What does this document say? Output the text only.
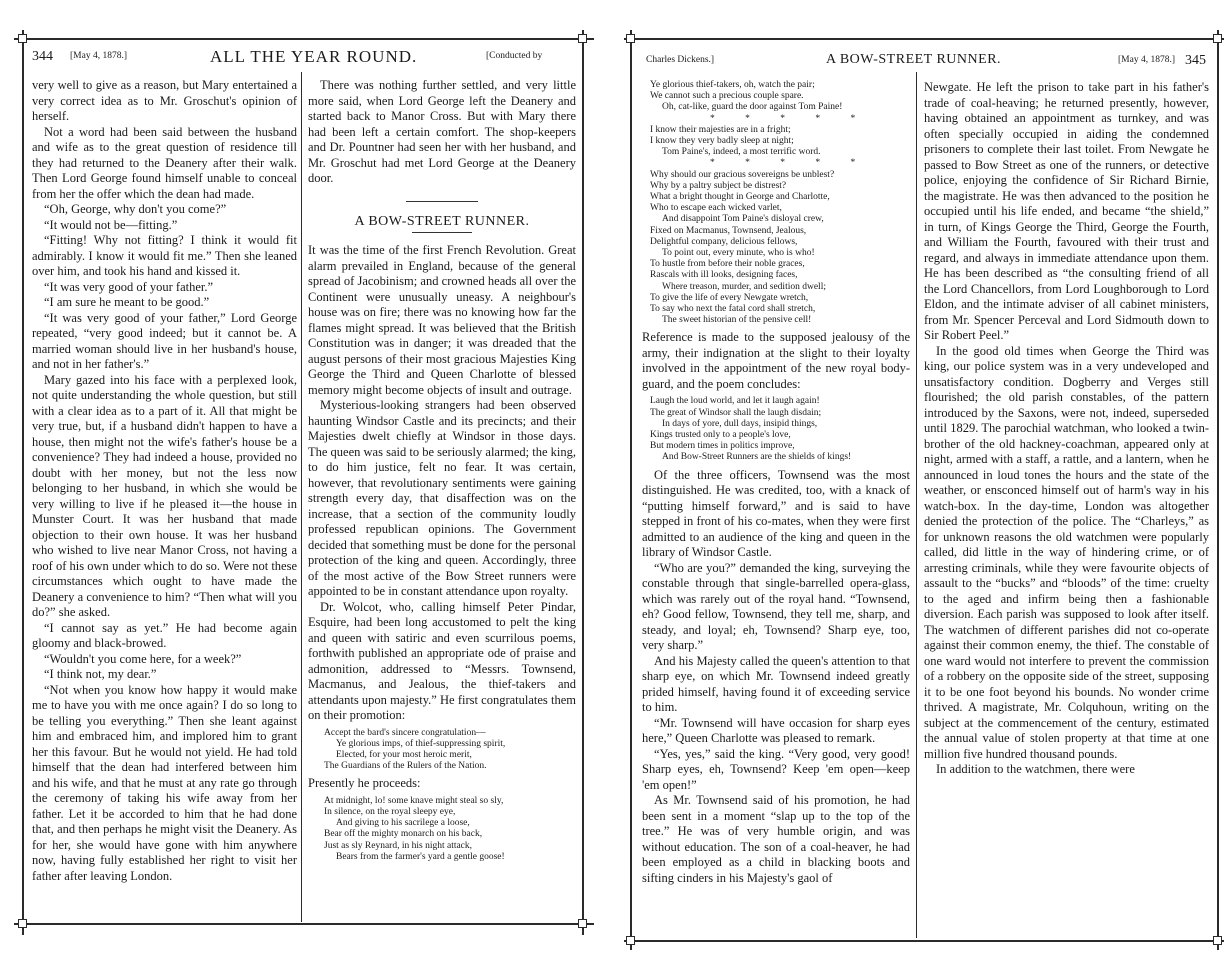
344 [May 4, 1878.]	ALL THE YEAR ROUND.	[Conducted by

very well to give as a reason, but Mary entertained a very correct idea as to Mr. Groschut's opinion of herself.

Not a word had been said between the husband and wife as to the great question of residence till they had returned to the Deanery after their walk. Then Lord George found himself unable to conceal from her the offer which the dean had made.

“Oh, George, why don't you come?”

“It would not be—fitting.”

“Fitting! Why not fitting? I think it would fit admirably. I know it would fit me.” Then she leaned over him, and took his hand and kissed it.

“It was very good of your father.”

“I am sure he meant to be good.”

“It was very good of your father,” Lord George repeated, “very good indeed; but it cannot be. A married woman should live in her husband's house, and not in her father's.”

Mary gazed into his face with a perplexed look, not quite understanding the whole question, but still with a clear idea as to a part of it. All that might be very true, but, if a husband didn't happen to have a house, then might not the wife's father's house be a convenience? They had indeed a house, provided no doubt with her money, but not the less now belonging to her husband, in which she would be very willing to live if he pleased it—the house in Munster Court. It was her husband that made objection to their own house. It was her husband who wished to live near Manor Cross, not having a roof of his own under which to do so. Were not these circumstances which ought to have made the Deanery a convenience to him? “Then what will you do?” she asked.

“I cannot say as yet.” He had become again gloomy and black-browed.

“Wouldn't you come here, for a week?”

“I think not, my dear.”

“Not when you know how happy it would make me to have you with me once again? I do so long to be telling you everything.” Then she leant against him and embraced him, and implored him to grant her this favour. But he would not yield. He had told himself that the dean had interfered between him and his wife, and that he must at any rate go through the ceremony of taking his wife away from her father. Let it be accorded to him that he had done that, and then perhaps he might visit the Deanery. As for her, she would have gone with him anywhere now, having fully established her right to visit her father after leaving London.

There was nothing further settled, and very little more said, when Lord George left the Deanery and started back to Manor Cross. But with Mary there had been left a certain comfort. The shop-keepers and Dr. Pountner had seen her with her husband, and Mr. Groschut had met Lord George at the Deanery door.

A BOW-STREET RUNNER.

It was the time of the first French Revolution. Great alarm prevailed in England, because of the general spread of Jacobinism; and crowned heads all over the Continent were unusually uneasy. A neighbour's house was on fire; there was no knowing how far the flames might spread. It was believed that the British Constitution was in danger; it was dreaded that the august persons of their most gracious Majesties King George the Third and Queen Charlotte of blessed memory might become objects of insult and outrage.

Mysterious-looking strangers had been observed haunting Windsor Castle and its precincts; and their Majesties dwelt chiefly at Windsor in those days. The queen was said to be seriously alarmed; the king, to do him justice, felt no fear. It was certain, however, that revolutionary sentiments were gaining strength every day, that disaffection was on the increase, that a section of the community loudly professed republican opinions. The Government decided that something must be done for the personal protection of the king and queen. Accordingly, three of the most active of the Bow Street runners were appointed to be in constant attendance upon royalty.

Dr. Wolcot, who, calling himself Peter Pindar, Esquire, had been long accustomed to pelt the king and queen with satiric and even scurrilous poems, forthwith published an appropriate ode of praise and admonition, addressed to “Messrs. Townsend, Macmanus, and Jealous, the thief-takers and attendants upon majesty.” He first congratulates them on their promotion:

Accept the bard's sincere congratulation—
Ye glorious imps, of thief-suppressing spirit,
Elected, for your most heroic merit,
The Guardians of the Rulers of the Nation.

Presently he proceeds:

At midnight, lo! some knave might steal so sly,
In silence, on the royal sleepy eye,
And giving to his sacrilege a loose,
Bear off the mighty monarch on his back,
Just as sly Reynard, in his night attack,
Bears from the farmer's yard a gentle goose!
Charles Dickens.]	A BOW-STREET RUNNER.	[May 4, 1878.] 345
Ye glorious thief-takers, oh, watch the pair;
We cannot such a precious couple spare.
Oh, cat-like, guard the door against Tom Paine!
* * * * *
I know their majesties are in a fright;
I know they very badly sleep at night;
Tom Paine's, indeed, a most terrific word.
* * * * *
Why should our gracious sovereigns be unblest?
Why by a paltry subject be distrest?
What a bright thought in George and Charlotte,
Who to escape each wicked varlet,
And disappoint Tom Paine's disloyal crew,
Fixed on Macmanus, Townsend, Jealous,
Delightful company, delicious fellows,
To point out, every minute, who is who!
To hustle from before their noble graces,
Rascals with ill looks, designing faces,
Where treason, murder, and sedition dwell;
To give the life of every Newgate wretch,
To say who next the fatal cord shall stretch,
The sweet historian of the pensive cell!

Reference is made to the supposed jealousy of the army, their indignation at the slight to their loyalty involved in the appointment of the new royal body-guard, and the poem concludes:

Laugh the loud world, and let it laugh again!
The great of Windsor shall the laugh disdain;
In days of yore, dull days, insipid things,
Kings trusted only to a people's love,
But modern times in politics improve,
And Bow-Street Runners are the shields of kings!

Of the three officers, Townsend was the most distinguished. He was credited, too, with a knack of “putting himself forward,” and is said to have stepped in front of his co-mates, when they were first admitted to an audience of the king and queen in the library of Windsor Castle.

“Who are you?” demanded the king, surveying the constable through that single-barrelled opera-glass, which was rarely out of the royal hand. “Townsend, eh? Good fellow, Townsend, they tell me, sharp, and steady, and loyal; eh, Townsend? Sharp eye, too, very sharp.”

And his Majesty called the queen's attention to that sharp eye, on which Mr. Townsend indeed greatly prided himself, having found it of exceeding service to him.

“Mr. Townsend will have occasion for sharp eyes here,” Queen Charlotte was pleased to remark.

“Yes, yes,” said the king. “Very good, very good! Sharp eyes, eh, Townsend? Keep 'em open—keep 'em open!”

As Mr. Townsend said of his promotion, he had been sent in a moment “slap up to the top of the tree.” He was of very humble origin, and was without education. The son of a coal-heaver, he had been employed as a child in blacking boots and sifting cinders in his Majesty's gaol of

Newgate. He left the prison to take part in his father's trade of coal-heaving; he returned presently, however, having obtained an appointment as turnkey, and was often specially occupied in aiding the condemned prisoners to complete their last toilet. From Newgate he passed to Bow Street as one of the runners, or detective police, enjoying the confidence of Sir Richard Birnie, the magistrate. He was then advanced to the position he occupied until his life ended, and became “the shield,” in turn, of Kings George the Third, George the Fourth, and William the Fourth, favoured with their trust and regard, and always in immediate attendance upon them. He has been described as “the consulting friend of all the Lord Chancellors, from Lord Loughborough to Lord Eldon, and the intimate adviser of all cabinet ministers, from Mr. Spencer Perceval and Lord Sidmouth down to Sir Robert Peel.”

In the good old times when George the Third was king, our police system was in a very undeveloped and unsatisfactory condition. Dogberry and Verges still flourished; the old parish constables, of the pattern introduced by the Saxons, were not, indeed, superseded until 1829. The parochial watchman, who looked a twin-brother of the old hackney-coachman, appeared only at night, armed with a staff, a rattle, and a lantern, when he announced in loud tones the hours and the state of the weather, or ensconced himself out of harm's way in his watch-box. In the day-time, London was altogether denied the protection of the police. The “Charleys,” as for unknown reasons the old watchmen were popularly called, did little in the way of hindering crime, or of arresting criminals, while they were favourite objects of assault to the “bucks” and “bloods” of the time: cruelty to the aged and infirm being then a fashionable diversion. Each parish was supposed to look after itself. The watchmen of different parishes did not co-operate against their common enemy, the thief. The constable of one ward would not interfere to prevent the commission of a robbery on the opposite side of the street, supposing it to be one foot beyond his bounds. No wonder crime thrived. A magistrate, Mr. Colquhoun, writing on the subject at the commencement of the century, estimated the annual value of stolen property at that time at one million five hundred thousand pounds.

In addition to the watchmen, there were
